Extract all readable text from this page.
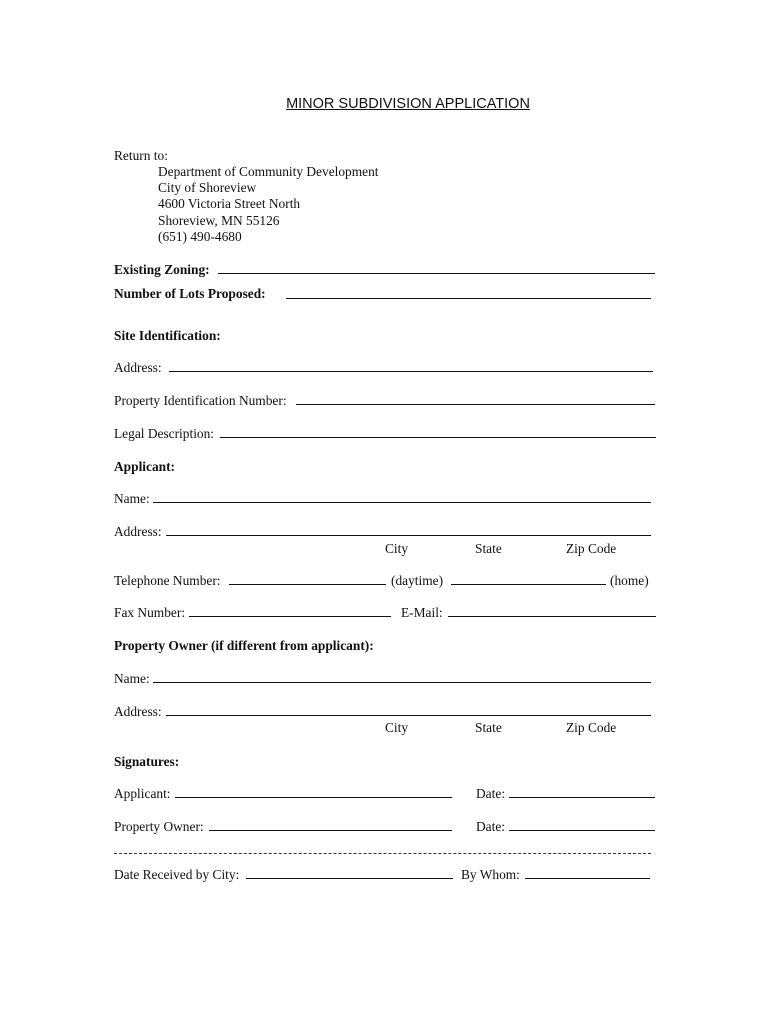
MINOR SUBDIVISION APPLICATION
Return to:
Department of Community Development
City of Shoreview
4600 Victoria Street North
Shoreview, MN 55126
(651) 490-4680
Existing Zoning:
Number of Lots Proposed:
Site Identification:
Address:
Property Identification Number:
Legal Description:
Applicant:
Name:
Address:
City	State	Zip Code
Telephone Number:	(daytime)	(home)
Fax Number:	E-Mail:
Property Owner (if different from applicant):
Name:
Address:
City	State	Zip Code
Signatures:
Applicant:	Date:
Property Owner:	Date:
Date Received by City:	By Whom:
